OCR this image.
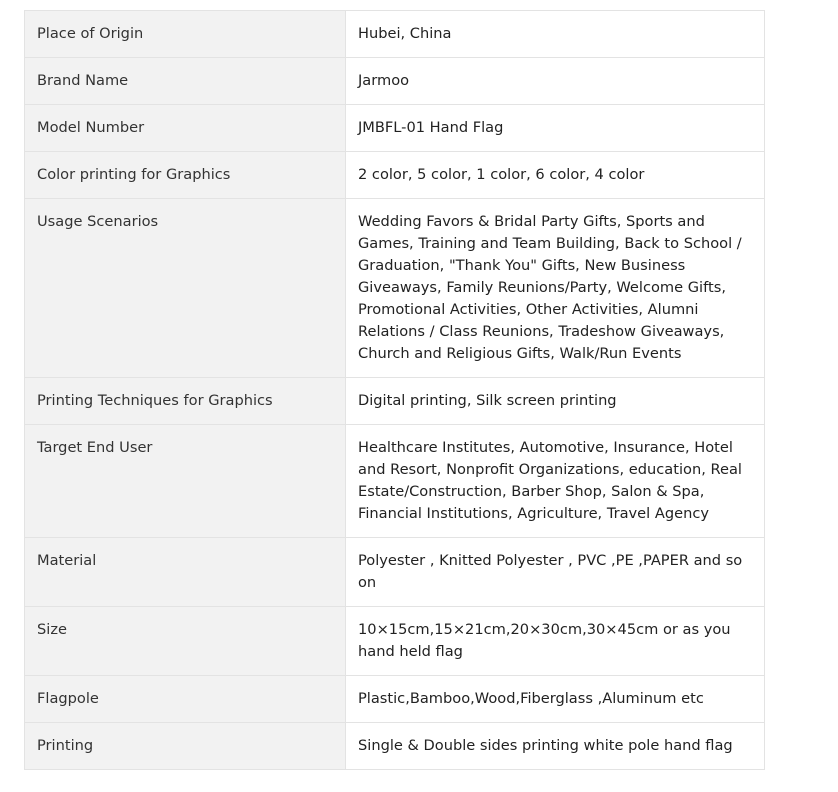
Place of Origin	Hubei, China
Brand Name	Jarmoo
Model Number	JMBFL-01 Hand Flag
Color printing for Graphics	2 color, 5 color, 1 color, 6 color, 4 color
Usage Scenarios	Wedding Favors & Bridal Party Gifts, Sports and Games, Training and Team Building, Back to School / Graduation, "Thank You" Gifts, New Business Giveaways, Family Reunions/Party, Welcome Gifts, Promotional Activities, Other Activities, Alumni Relations / Class Reunions, Tradeshow Giveaways, Church and Religious Gifts, Walk/Run Events
Printing Techniques for Graphics	Digital printing, Silk screen printing
Target End User	Healthcare Institutes, Automotive, Insurance, Hotel and Resort, Nonprofit Organizations, education, Real Estate/Construction, Barber Shop, Salon & Spa, Financial Institutions, Agriculture, Travel Agency
Material	Polyester , Knitted Polyester , PVC ,PE ,PAPER and so on
Size	10×15cm,15×21cm,20×30cm,30×45cm or as you hand held flag
Flagpole	Plastic,Bamboo,Wood,Fiberglass ,Aluminum etc
Printing	Single & Double sides printing white pole hand flag
